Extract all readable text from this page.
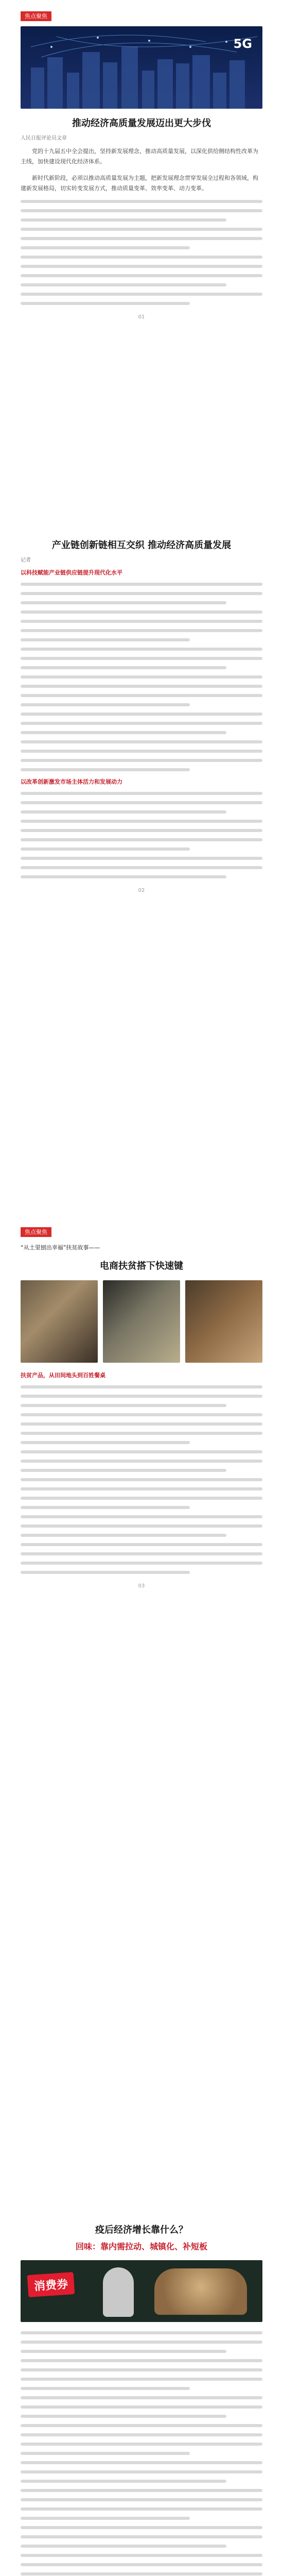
焦点聚焦
5G
推动经济高质量发展迈出更大步伐
人民日报评论员文章

党的十九届五中全会提出，坚持新发展理念，推动高质量发展，以深化供给侧结构性改革为主线，加快建设现代化经济体系。

新时代新阶段，必须以推动高质量发展为主题，把新发展理念贯穿发展全过程和各领域，构建新发展格局，切实转变发展方式，推动质量变革、效率变革、动力变革。

01
产业链创新链相互交织 推动经济高质量发展
记者
以科技赋能产业链供应链提升现代化水平
以改革创新激发市场主体活力和发展动力
02
焦点聚焦
“从土里刨出幸福”扶贫故事——
电商扶贫搭下快速键
扶贫产品，从田间地头到百姓餐桌
03
疫后经济增长靠什么？
回味：靠内需拉动、城镇化、补短板
消费券
